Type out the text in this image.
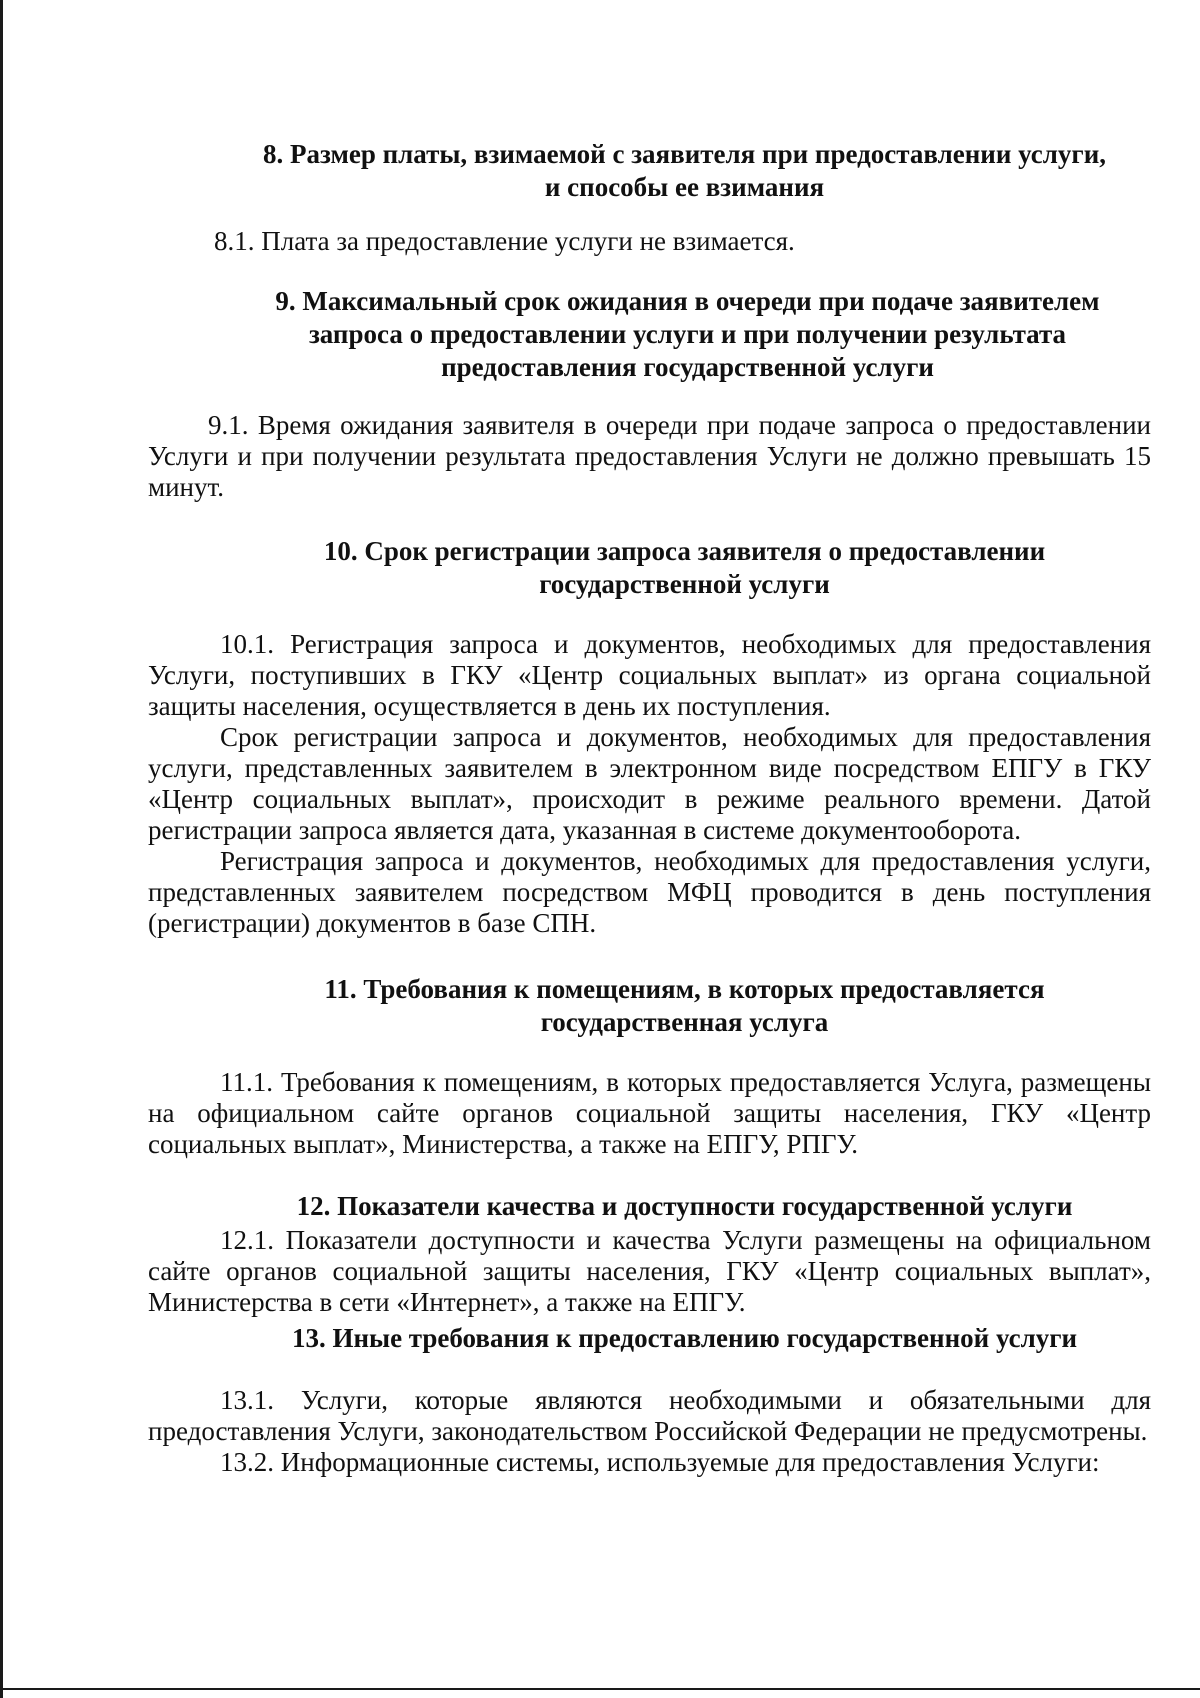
8. Размер платы, взимаемой с заявителя при предоставлении услуги,

и способы ее взимания

8.1. Плата за предоставление услуги не взимается.

9. Максимальный срок ожидания в очереди при подаче заявителем

запроса о предоставлении услуги и при получении результата

предоставления государственной услуги

9.1. Время ожидания заявителя в очереди при подаче запроса о предоставлении Услуги и при получении результата предоставления Услуги не должно превышать 15 минут.

10. Срок регистрации запроса заявителя о предоставлении

государственной услуги

10.1. Регистрация запроса и документов, необходимых для предоставления Услуги, поступивших в ГКУ «Центр социальных выплат» из органа социальной защиты населения, осуществляется в день их поступления.

Срок регистрации запроса и документов, необходимых для предоставления услуги, представленных заявителем в электронном виде посредством ЕПГУ в ГКУ «Центр социальных выплат», происходит в режиме реального времени. Датой регистрации запроса является дата, указанная в системе документооборота.

Регистрация запроса и документов, необходимых для предоставления услуги, представленных заявителем посредством МФЦ проводится в день поступления (регистрации) документов в базе СПН.

11. Требования к помещениям, в которых предоставляется

государственная услуга

11.1. Требования к помещениям, в которых предоставляется Услуга, размещены на официальном сайте органов социальной защиты населения, ГКУ «Центр социальных выплат», Министерства, а также на ЕПГУ, РПГУ.

12. Показатели качества и доступности государственной услуги

12.1. Показатели доступности и качества Услуги размещены на официальном сайте органов социальной защиты населения, ГКУ «Центр социальных выплат», Министерства в сети «Интернет», а также на ЕПГУ.

13. Иные требования к предоставлению государственной услуги

13.1. Услуги, которые являются необходимыми и обязательными для предоставления Услуги, законодательством Российской Федерации не предусмотрены.

13.2. Информационные системы, используемые для предоставления Услуги:
